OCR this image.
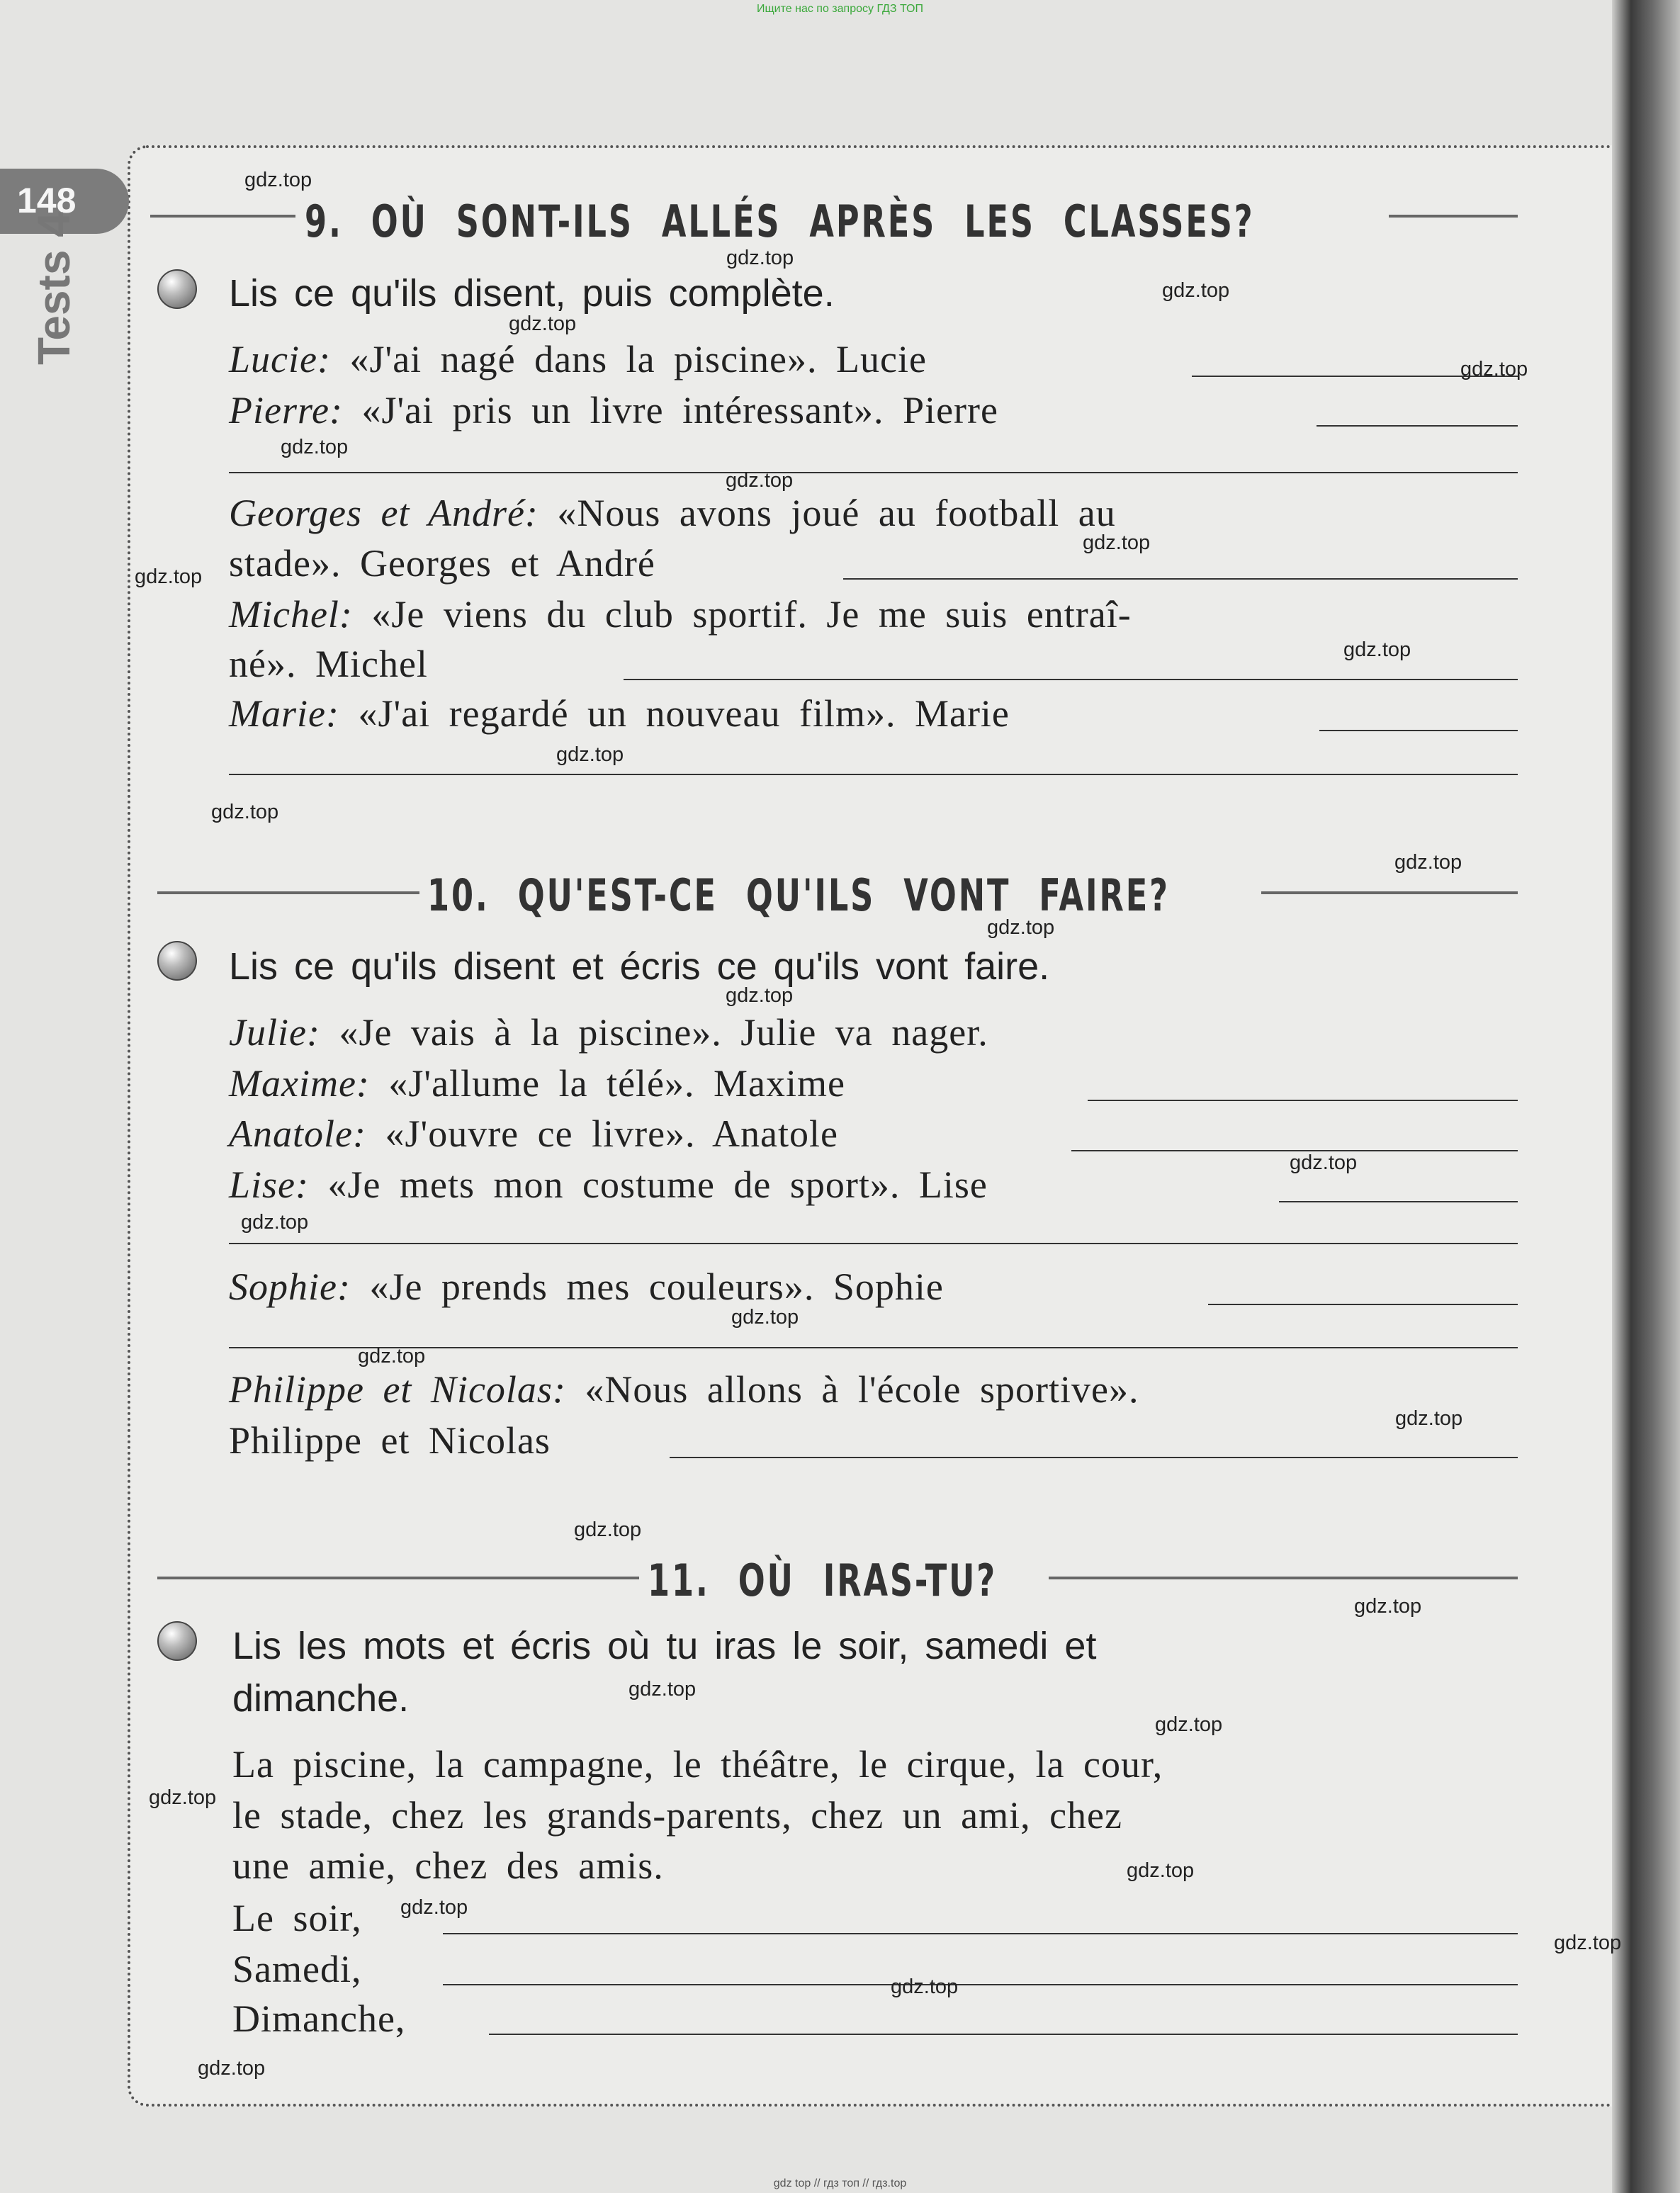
Ищите нас по запросу ГДЗ ТОП
148
Tests 4	9. OÙ SONT-ILS ALLÉS APRÈS LES CLASSES?
Lis ce qu'ils disent, puis complète.
Lucie: «J'ai nagé dans la piscine». Lucie
Pierre: «J'ai pris un livre intéressant». Pierre
Georges et André: «Nous avons joué au football au
stade». Georges et André
Michel: «Je viens du club sportif. Je me suis entraî-
né». Michel
Marie: «J'ai regardé un nouveau film». Marie
10. QU'EST-CE QU'ILS VONT FAIRE?
Lis ce qu'ils disent et écris ce qu'ils vont faire.
Julie: «Je vais à la piscine». Julie va nager.
Maxime: «J'allume la télé». Maxime
Anatole: «J'ouvre ce livre». Anatole
Lise: «Je mets mon costume de sport». Lise
Sophie: «Je prends mes couleurs». Sophie
Philippe et Nicolas: «Nous allons à l'école sportive».
Philippe et Nicolas
11. OÙ IRAS-TU?
Lis les mots et écris où tu iras le soir, samedi et
dimanche.
La piscine, la campagne, le théâtre, le cirque, la cour,
le stade, chez les grands-parents, chez un ami, chez
une amie, chez des amis.
Le soir,
Samedi,
Dimanche,
gdz.top
gdz.top
gdz.top
gdz.top
gdz.top
gdz.top
gdz.top
gdz.top
gdz.top
gdz.top
gdz.top
gdz.top
gdz.top
gdz.top
gdz.top
gdz.top
gdz.top
gdz.top
gdz.top
gdz.top
gdz.top
gdz.top
gdz.top
gdz.top
gdz.top
gdz.top
gdz.top
gdz.top
gdz.top
gdz.top
gdz top // гдз топ // гдз.top
